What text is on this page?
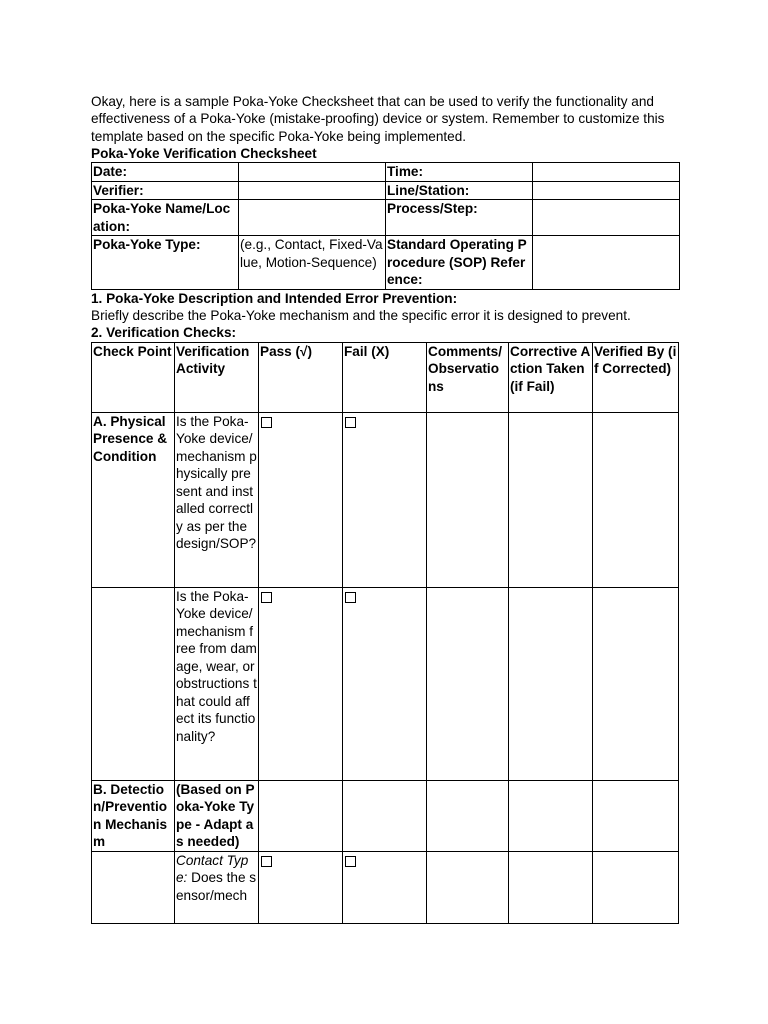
Okay, here is a sample Poka-Yoke Checksheet that can be used to verify the functionality and effectiveness of a Poka-Yoke (mistake-proofing) device or system. Remember to customize this template based on the specific Poka-Yoke being implemented.

Poka-Yoke Verification Checksheet

Date:		Time:	
Verifier:		Line/Station:	
Poka-Yoke Name/Location:		Process/Step:	
Poka-Yoke Type:	(e.g., Contact, Fixed-Value, Motion-Sequence)	Standard Operating Procedure (SOP) Reference:	

1. Poka-Yoke Description and Intended Error Prevention:

Briefly describe the Poka-Yoke mechanism and the specific error it is designed to prevent.

2. Verification Checks:

Check Point	Verification Activity	Pass (√)	Fail (X)	Comments/ Observations	Corrective Action Taken (if Fail)	Verified By (if Corrected)
A. Physical Presence & Condition	Is the Poka-Yoke device/mechanism physically present and installed correctly as per the design/SOP?					
	Is the Poka-Yoke device/mechanism free from damage, wear, or obstructions that could affect its functionality?					
B. Detection/Prevention Mechanism	(Based on Poka-Yoke Type - Adapt as needed)					
	Contact Type: Does the sensor/mech					
